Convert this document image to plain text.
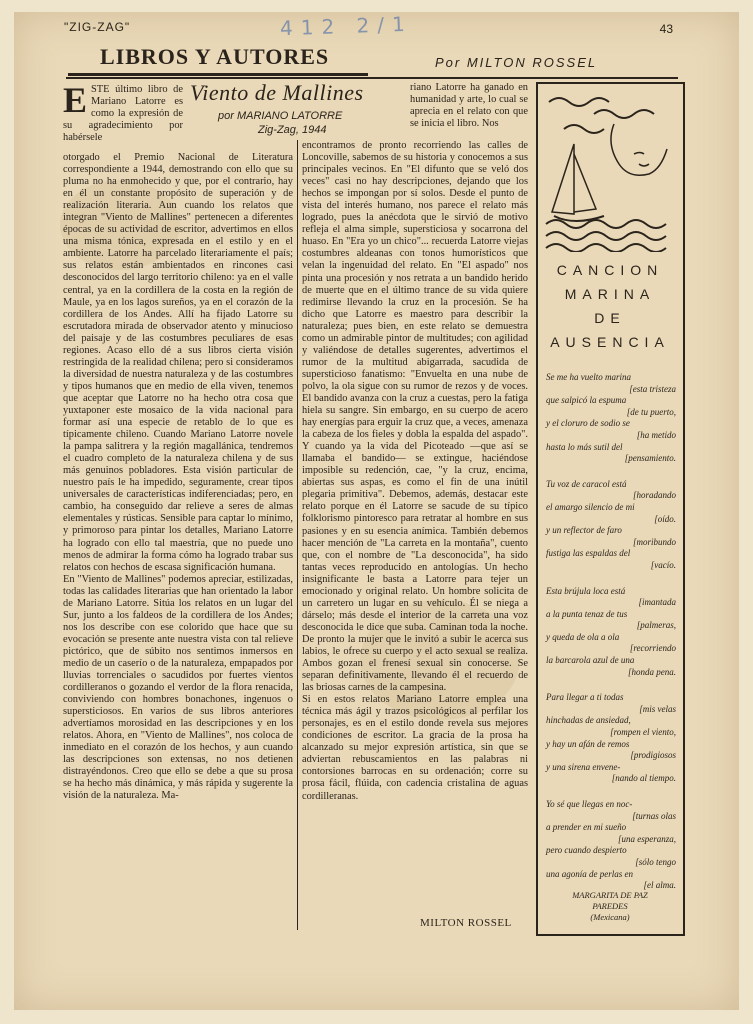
"ZIG-ZAG"	412 2/1	43
LIBROS Y AUTORES	Por MILTON ROSSEL
Viento de Mallines
por MARIANO LATORRE
Zig-Zag, 1944
ESTE último libro de Mariano Latorre es como la expresión de su agradecimiento por habérsele

otorgado el Premio Nacional de Literatura correspondiente a 1944, demostrando con ello que su pluma no ha enmohecido y que, por el contrario, hay en él un constante propósito de superación y de realización literaria. Aun cuando los relatos que integran "Viento de Mallines" pertenecen a diferentes épocas de su actividad de escritor, advertimos en ellos una misma tónica, expresada en el estilo y en el ambiente. Latorre ha parcelado literariamente el país; sus relatos están ambientados en rincones casi desconocidos del largo territorio chileno: ya en el valle central, ya en la cordillera de la costa en la región de Maule, ya en los lagos sureños, ya en el corazón de la cordillera de los Andes. Allí ha fijado Latorre su escrutadora mirada de observador atento y minucioso del paisaje y de las costumbres peculiares de esas regiones. Acaso ello dé a sus libros cierta visión restringida de la realidad chilena; pero si consideramos la diversidad de nuestra naturaleza y de las costumbres y tipos humanos que en medio de ella viven, tenemos que aceptar que Latorre no ha hecho otra cosa que yuxtaponer este mosaico de la vida nacional para formar así una especie de retablo de lo que es típicamente chileno. Cuando Mariano Latorre novele la pampa salitrera y la región magallánica, tendremos el cuadro completo de la naturaleza chilena y de sus más genuinos pobladores. Esta visión particular de nuestro país le ha impedido, seguramente, crear tipos universales de características indiferenciadas; pero, en cambio, ha conseguido dar relieve a seres de almas elementales y rústicas. Sensible para captar lo mínimo, y primoroso para pintar los detalles, Mariano Latorre ha logrado con ello tal maestría, que no puede uno menos de admirar la forma cómo ha logrado trabar sus relatos con hechos de escasa significación humana.

En "Viento de Mallines" podemos apreciar, estilizadas, todas las calidades literarias que han orientado la labor de Mariano Latorre. Sitúa los relatos en un lugar del Sur, junto a los faldeos de la cordillera de los Andes; nos los describe con ese colorido que hace que su evocación se presente ante nuestra vista con tal relieve pictórico, que de súbito nos sentimos inmersos en medio de un caserío o de la naturaleza, empapados por lluvias torrenciales o sacudidos por fuertes vientos cordilleranos o gozando el verdor de la flora renacida, conviviendo con hombres bonachones, ingenuos o supersticiosos. En varios de sus libros anteriores advertíamos morosidad en las descripciones y en los relatos. Ahora, en "Viento de Mallines", nos coloca de inmediato en el corazón de los hechos, y aun cuando las descripciones son extensas, no nos detienen distrayéndonos. Creo que ello se debe a que su prosa se ha hecho más dinámica, y más rápida y sugerente la visión de la naturaleza. Ma-

riano Latorre ha ganado en humanidad y arte, lo cual se aprecia en el relato con que se inicia el libro. Nos

encontramos de pronto recorriendo las calles de Loncoville, sabemos de su historia y conocemos a sus principales vecinos. En "El difunto que se veló dos veces" casi no hay descripciones, dejando que los hechos se impongan por sí solos. Desde el punto de vista del interés humano, nos parece el relato más logrado, pues la anécdota que le sirvió de motivo refleja el alma simple, supersticiosa y socarrona del huaso. En "Era yo un chico"... recuerda Latorre viejas costumbres aldeanas con tonos humorísticos que velan la ingenuidad del relato. En "El aspado" nos pinta una procesión y nos retrata a un bandido herido de muerte que en el último trance de su vida quiere redimirse llevando la cruz en la procesión. Se ha dicho que Latorre es maestro para describir la naturaleza; pues bien, en este relato se demuestra como un admirable pintor de multitudes; con agilidad y valiéndose de detalles sugerentes, advertimos el rumor de la multitud abigarrada, sacudida de supersticioso fanatismo: "Envuelta en una nube de polvo, la ola sigue con su rumor de rezos y de voces. El bandido avanza con la cruz a cuestas, pero la fatiga hiela su sangre. Sin embargo, en su cuerpo de acero hay energías para erguir la cruz que, a veces, amenaza la cabeza de los fieles y dobla la espalda del aspado". Y cuando ya la vida del Picoteado —que así se llamaba el bandido— se extingue, haciéndose imposible su redención, cae, "y la cruz, encima, abiertas sus aspas, es como el fin de una inútil plegaria primitiva". Debemos, además, destacar este relato porque en él Latorre se sacude de su típico folklorismo pintoresco para retratar al hombre en sus pasiones y en su esencia anímica. También debemos hacer mención de "La carreta en la montaña", cuento que, con el nombre de "La desconocida", ha sido tantas veces reproducido en antologías. Un hecho insignificante le basta a Latorre para tejer un emocionado y original relato. Un hombre solicita de un carretero un lugar en su vehículo. Él se niega a dárselo; más desde el interior de la carreta una voz desconocida le dice que suba. Caminan toda la noche. De pronto la mujer que le invitó a subir le acerca sus labios, le ofrece su cuerpo y el acto sexual se realiza. Ambos gozan el frenesí sexual sin conocerse. Se separan definitivamente, llevando él el recuerdo de las briosas carnes de la campesina.

Si en estos relatos Mariano Latorre emplea una técnica más ágil y trazos psicológicos al perfilar los personajes, es en el estilo donde revela sus mejores condiciones de escritor. La gracia de la prosa ha alcanzado su mejor expresión artística, sin que se adviertan rebuscamientos en las palabras ni contorsiones barrocas en su ordenación; corre su prosa fácil, flúida, con cadencia cristalina de aguas cordilleranas.

MILTON ROSSEL
CANCION
MARINA
DE
AUSENCIA
Se me ha vuelto marina
[esta tristeza
que salpicó la espuma
[de tu puerto,
y el cloruro de sodio se
[ha metido
hasta lo más sutil del
[pensamiento.
Tu voz de caracol está
[horadando
el amargo silencio de mi
[oído.
y un reflector de faro
[moribundo
fustiga las espaldas del
[vacío.
Esta brújula loca está
[imantada
a la punta tenaz de tus
[palmeras,
y queda de ola a ola
[recorriendo
la barcarola azul de una
[honda pena.
Para llegar a ti todas
[mis velas
hinchadas de ansiedad,
[rompen el viento,
y hay un afán de remos
[prodigiosos
y una sirena envene-
[nando al tiempo.
Yo sé que llegas en noc-
[turnas olas
a prender en mi sueño
[una esperanza,
pero cuando despierto
[sólo tengo
una agonía de perlas en
[el alma.
MARGARITA DE PAZ
PAREDES
(Mexicana)
